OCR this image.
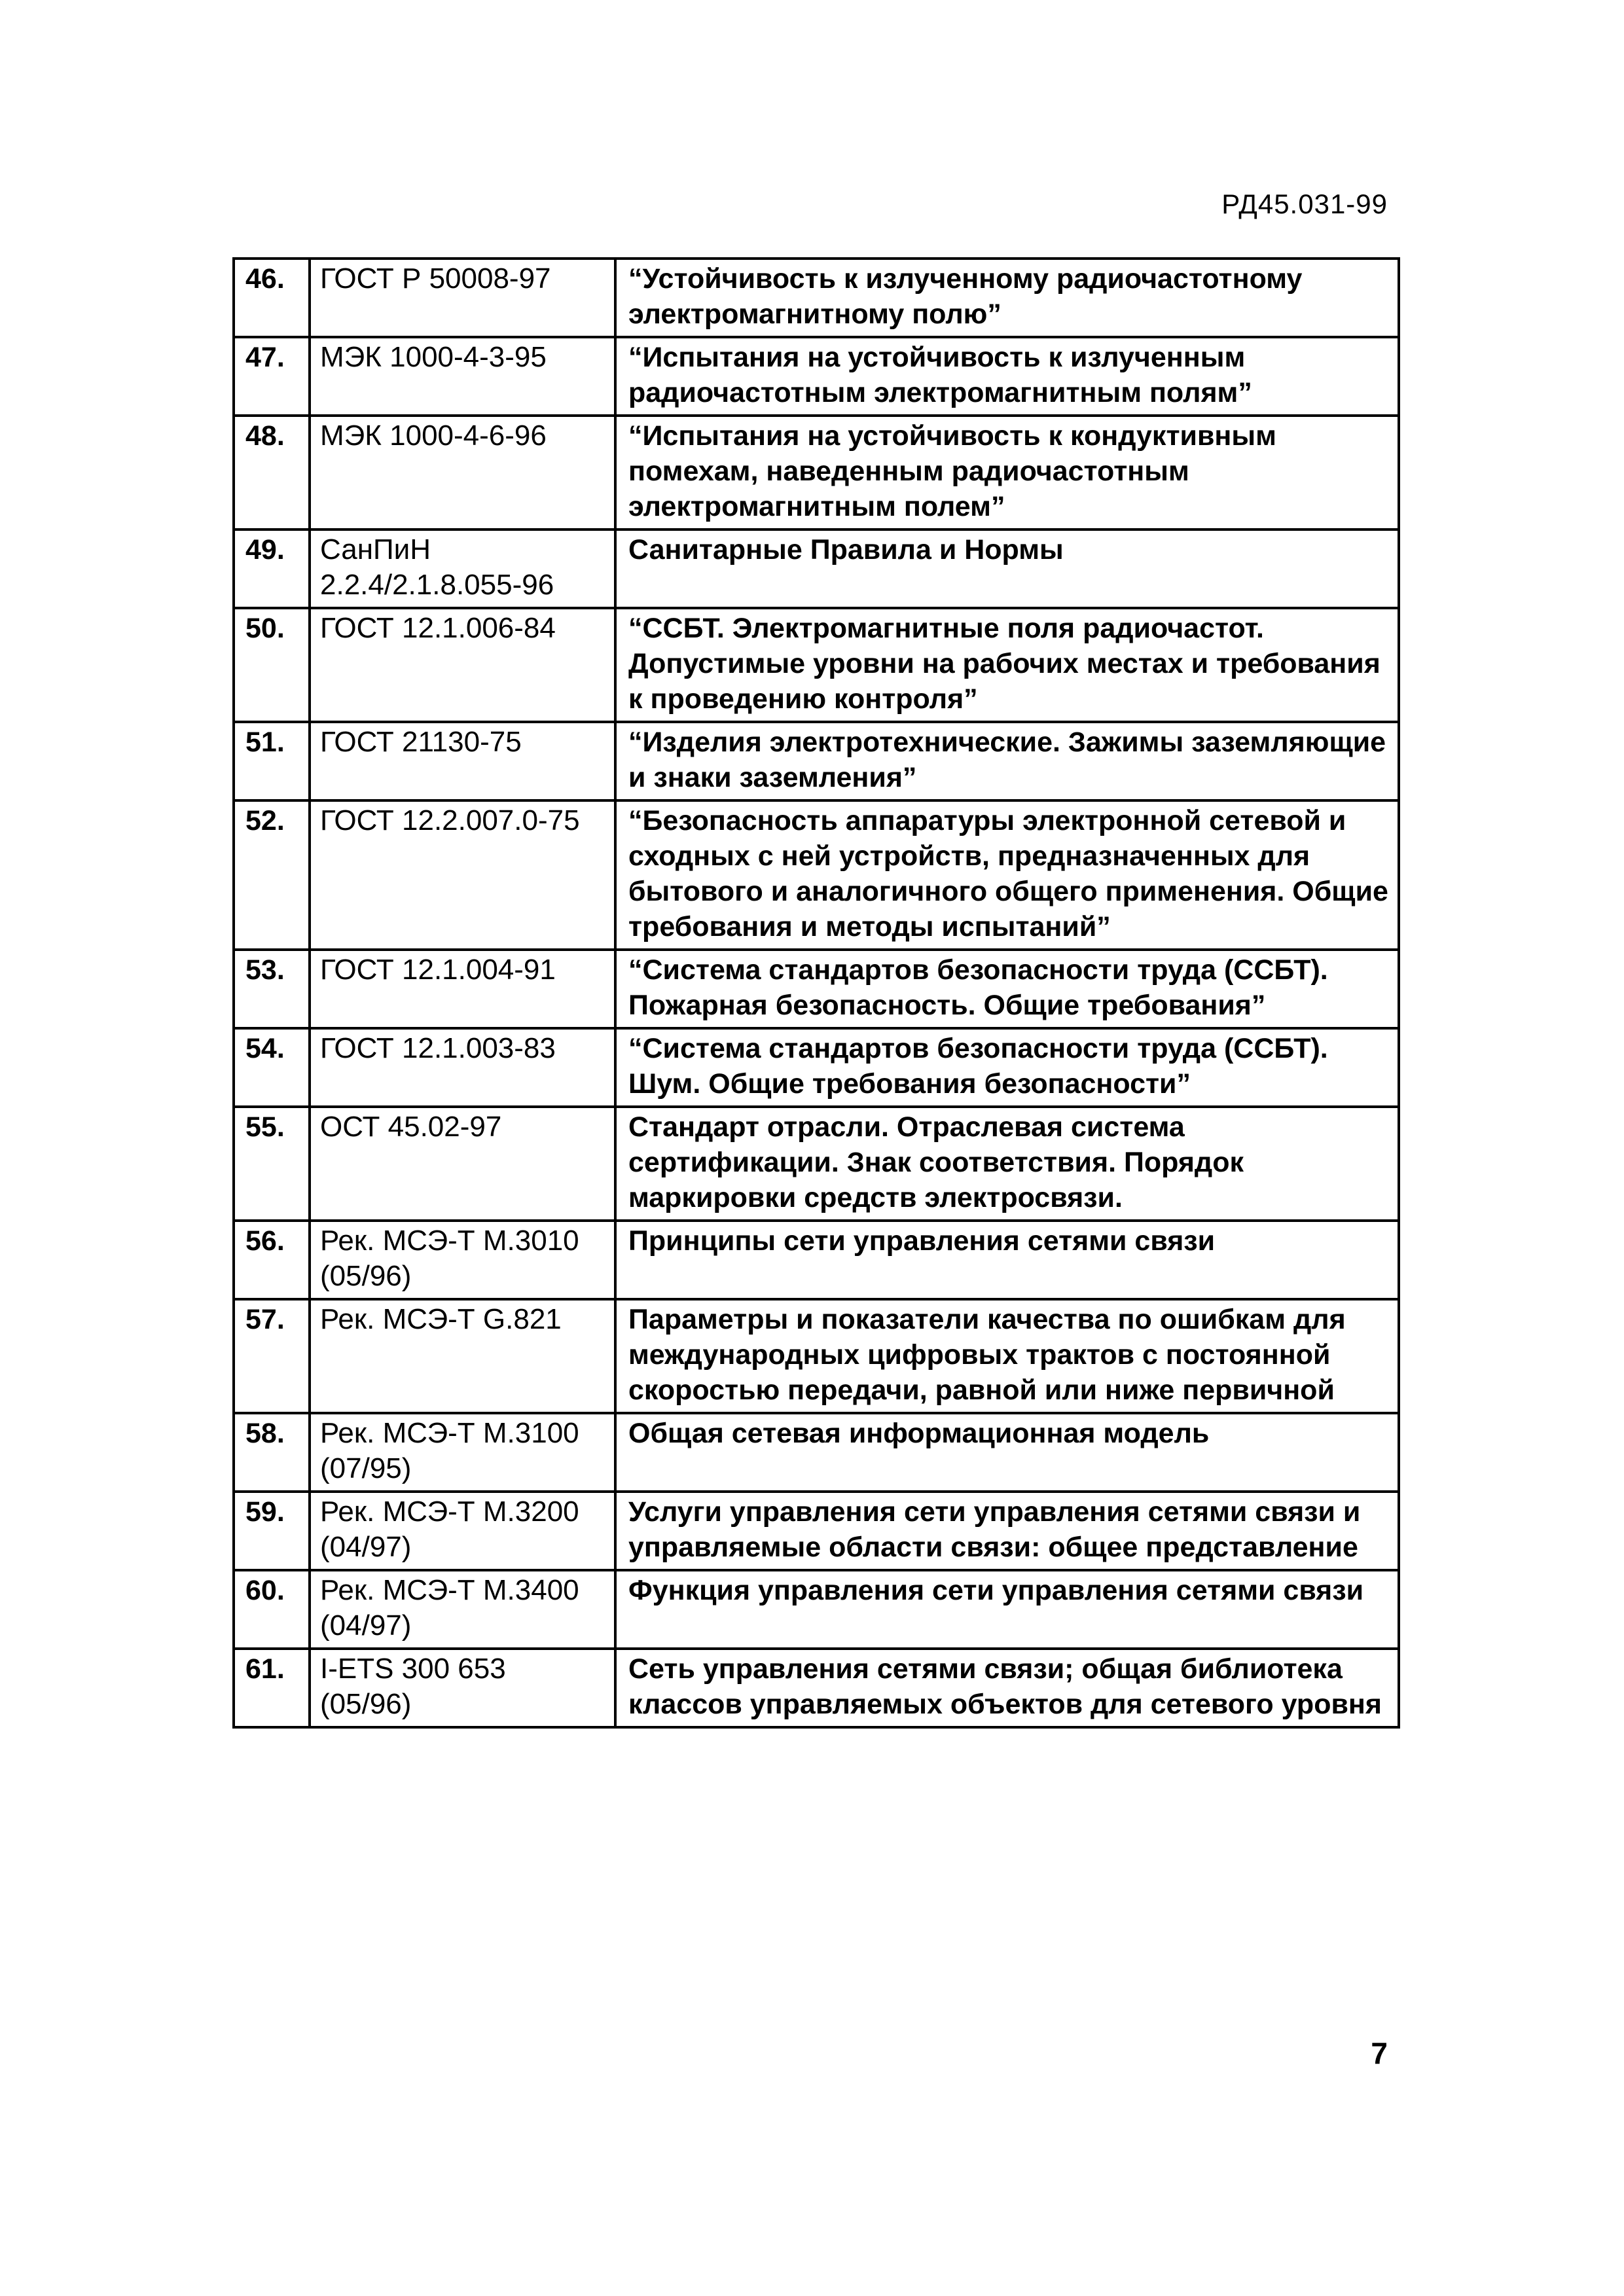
РД45.031-99
46.	ГОСТ Р 50008-97	“Устойчивость к излученному радиочастотному электромагнитному полю”
47.	МЭК 1000-4-3-95	“Испытания на устойчивость к излученным радиочастотным электромагнитным полям”
48.	МЭК 1000-4-6-96	“Испытания на устойчивость к кондуктивным помехам, наведенным радиочастотным электромагнитным полем”
49.	СанПиН 2.2.4/2.1.8.055-96	Санитарные Правила и Нормы
50.	ГОСТ 12.1.006-84	“ССБТ. Электромагнитные поля радиочастот. Допустимые уровни на рабочих местах и требования к проведению контроля”
51.	ГОСТ 21130-75	“Изделия электротехнические. Зажимы заземляющие и знаки заземления”
52.	ГОСТ 12.2.007.0-75	“Безопасность аппаратуры электронной сетевой и сходных с ней устройств, предназначенных для бытового и аналогичного общего применения. Общие требования и методы испытаний”
53.	ГОСТ 12.1.004-91	“Система стандартов безопасности труда (ССБТ). Пожарная безопасность. Общие требования”
54.	ГОСТ 12.1.003-83	“Система стандартов безопасности труда (ССБТ). Шум. Общие требования безопасности”
55.	ОСТ 45.02-97	Стандарт отрасли. Отраслевая система сертификации. Знак соответствия. Порядок маркировки средств электросвязи.
56.	Рек. МСЭ-Т М.3010 (05/96)	Принципы сети управления сетями связи
57.	Рек. МСЭ-Т G.821	Параметры и показатели качества по ошибкам для международных цифровых трактов с постоянной скоростью передачи, равной или ниже первичной
58.	Рек. МСЭ-Т М.3100 (07/95)	Общая сетевая информационная модель
59.	Рек. МСЭ-Т М.3200 (04/97)	Услуги управления сети управления сетями связи и управляемые области связи: общее представление
60.	Рек. МСЭ-Т М.3400 (04/97)	Функция управления сети управления сетями связи
61.	I-ETS 300 653 (05/96)	Сеть управления сетями связи; общая библиотека классов управляемых объектов для сетевого уровня
7
